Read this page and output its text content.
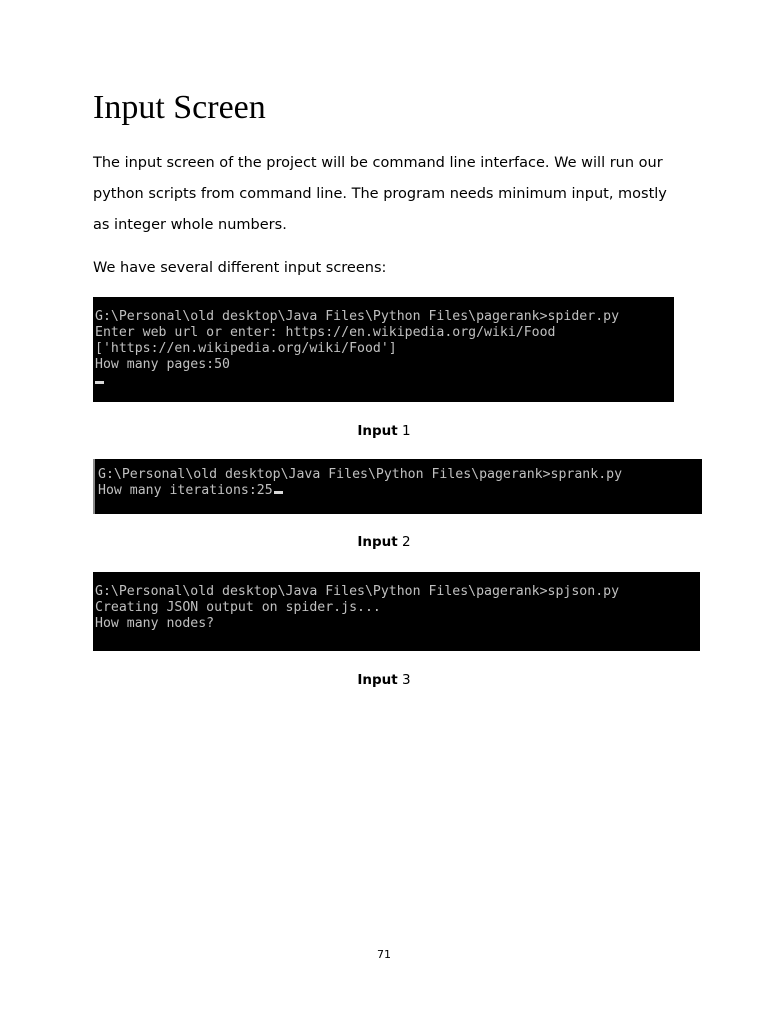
Input Screen

The input screen of the project will be command line interface. We will run our
python scripts from command line. The program needs minimum input, mostly
as integer whole numbers.

We have several different input screens:

G:\Personal\old desktop\Java Files\Python Files\pagerank>spider.py
Enter web url or enter: https://en.wikipedia.org/wiki/Food
['https://en.wikipedia.org/wiki/Food']
How many pages:50
Input 1
G:\Personal\old desktop\Java Files\Python Files\pagerank>sprank.py
How many iterations:25
Input 2
G:\Personal\old desktop\Java Files\Python Files\pagerank>spjson.py
Creating JSON output on spider.js...
How many nodes?
Input 3
71
